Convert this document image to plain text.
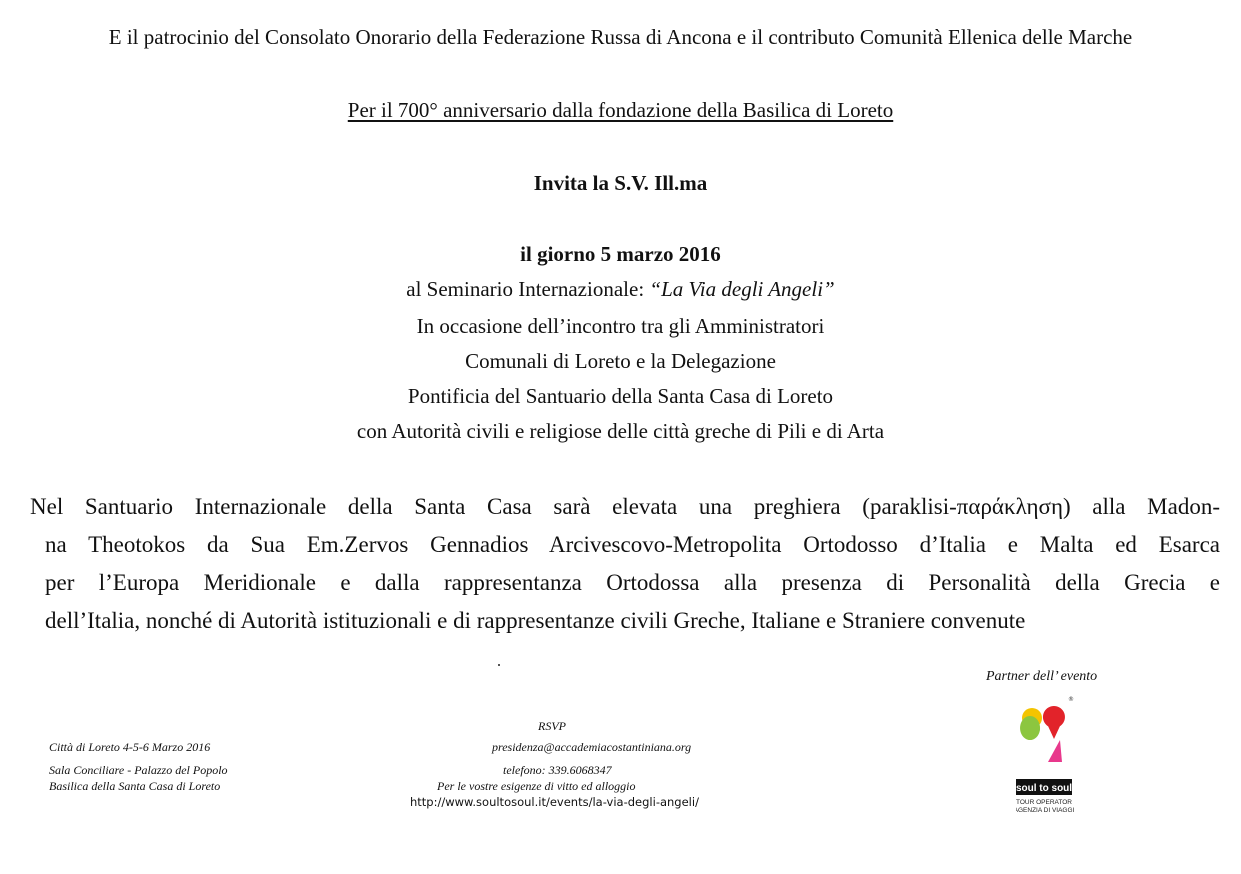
E il patrocinio del Consolato Onorario della Federazione Russa di Ancona e il contributo Comunità Ellenica delle Marche
Per il 700° anniversario dalla fondazione della Basilica di Loreto
Invita la S.V. Ill.ma
il giorno 5 marzo 2016
al Seminario Internazionale: “La Via degli Angeli”
In occasione dell’incontro tra gli Amministratori
Comunali di Loreto e la Delegazione
Pontificia del Santuario della Santa Casa di Loreto
con Autorità civili e religiose delle città greche di Pili e di Arta
Nel Santuario Internazionale della Santa Casa sarà elevata una preghiera (paraklisi-παράκληση) alla Madon-
na Theotokos da Sua Em.Zervos Gennadios Arcivescovo-Metropolita Ortodosso d’Italia e Malta ed Esarca
per l’Europa Meridionale e dalla rappresentanza Ortodossa alla presenza di Personalità della Grecia e
dell’Italia, nonché di Autorità istituzionali e di rappresentanze civili Greche, Italiane e Straniere convenute
Città di Loreto 4-5-6 Marzo 2016
Sala Conciliare - Palazzo del Popolo
Basilica della Santa Casa di Loreto
RSVP
presidenza@accademiacostantiniana.org
telefono: 339.6068347
Per le vostre esigenze di vitto ed alloggio
http://www.soultosoul.it/events/la-via-degli-angeli/
Partner dell’ evento
®
soul to soul
TOUR OPERATOR
AGENZIA DI VIAGGI
